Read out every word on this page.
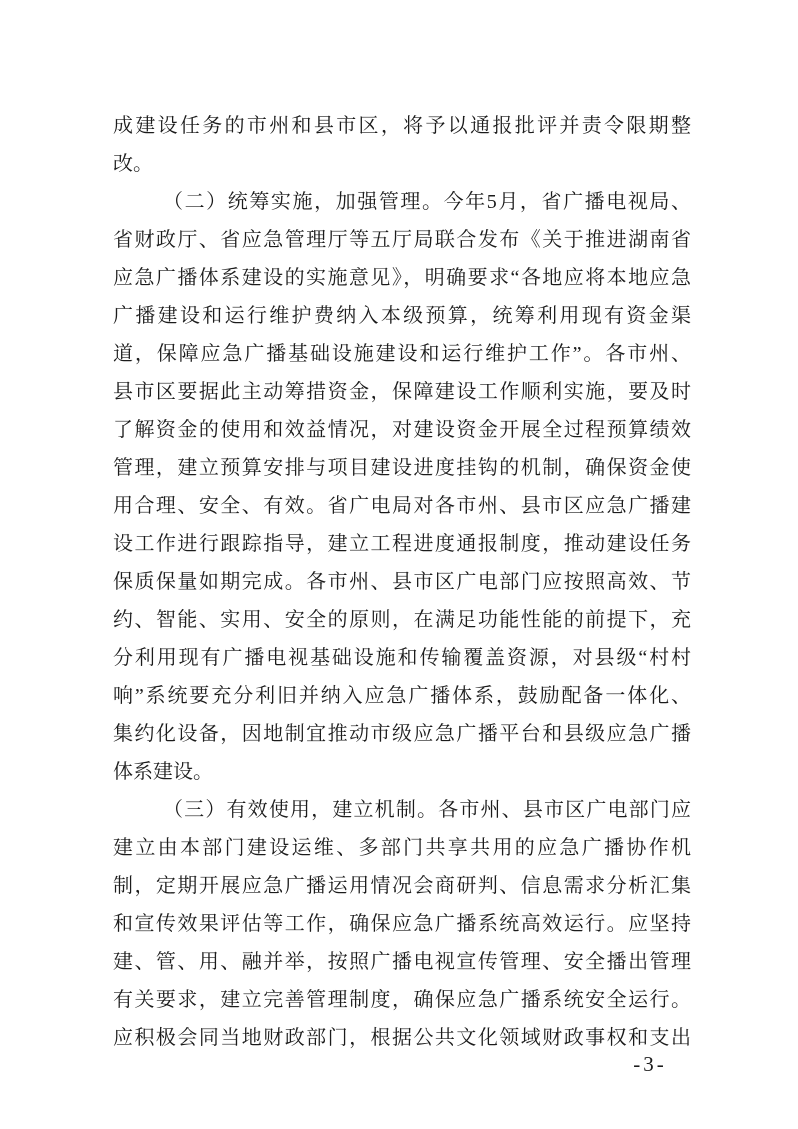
成建设任务的市州和县市区，将予以通报批评并责令限期整
改。
（二）统筹实施，加强管理。今年5月，省广播电视局、
省财政厅、省应急管理厅等五厅局联合发布《关于推进湖南省
应急广播体系建设的实施意见》，明确要求“各地应将本地应急
广播建设和运行维护费纳入本级预算，统筹利用现有资金渠
道，保障应急广播基础设施建设和运行维护工作”。各市州、
县市区要据此主动筹措资金，保障建设工作顺利实施，要及时
了解资金的使用和效益情况，对建设资金开展全过程预算绩效
管理，建立预算安排与项目建设进度挂钩的机制，确保资金使
用合理、安全、有效。省广电局对各市州、县市区应急广播建
设工作进行跟踪指导，建立工程进度通报制度，推动建设任务
保质保量如期完成。各市州、县市区广电部门应按照高效、节
约、智能、实用、安全的原则，在满足功能性能的前提下，充
分利用现有广播电视基础设施和传输覆盖资源，对县级“村村
响”系统要充分利旧并纳入应急广播体系，鼓励配备一体化、
集约化设备，因地制宜推动市级应急广播平台和县级应急广播
体系建设。
（三）有效使用，建立机制。各市州、县市区广电部门应
建立由本部门建设运维、多部门共享共用的应急广播协作机
制，定期开展应急广播运用情况会商研判、信息需求分析汇集
和宣传效果评估等工作，确保应急广播系统高效运行。应坚持
建、管、用、融并举，按照广播电视宣传管理、安全播出管理
有关要求，建立完善管理制度，确保应急广播系统安全运行。
应积极会同当地财政部门，根据公共文化领域财政事权和支出
-3-
